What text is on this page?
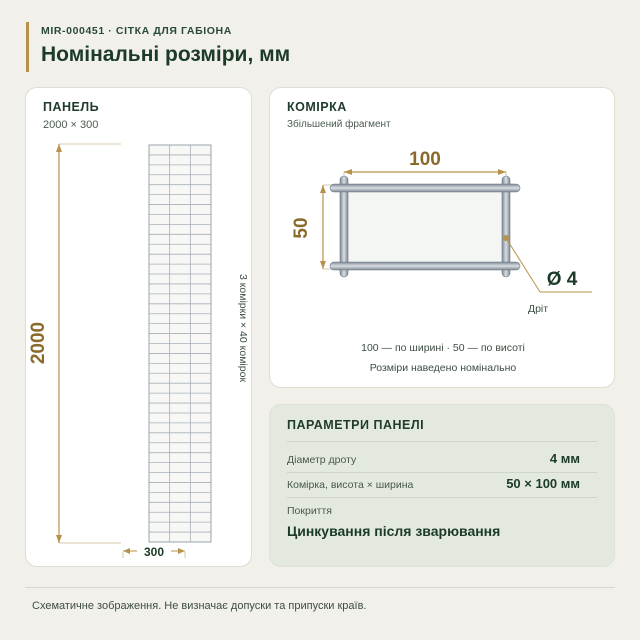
MIR-000451 · СІТКА ДЛЯ ГАБІОНА
Номінальні розміри, мм
ПАНЕЛЬ
2000 × 300
2000
300
3 комірки × 40 комірок
КОМІРКА
Збільшений фрагмент
100
50
Ø 4
Дріт
100 — по ширині · 50 — по висоті
Розміри наведено номінально
ПАРАМЕТРИ ПАНЕЛІ
Діаметр дроту	4 мм
Комірка, висота × ширина	50 × 100 мм
Покриття
Цинкування після зварювання
Схематичне зображення. Не визначає допуски та припуски країв.
